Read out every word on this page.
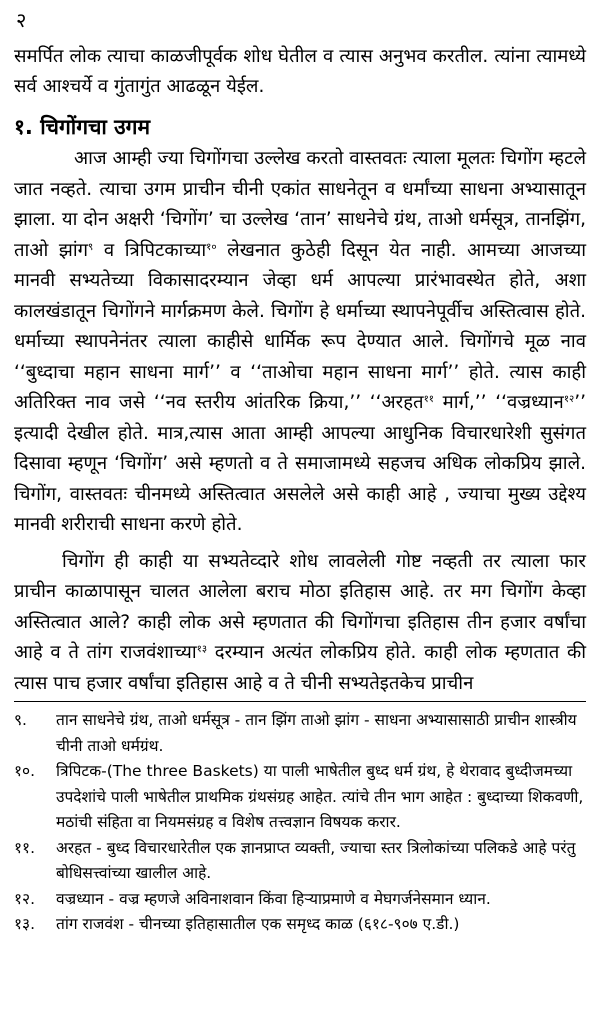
२

समर्पित लोक त्याचा काळजीपूर्वक शोध घेतील व त्यास अनुभव करतील. त्यांना त्यामध्ये सर्व आश्चर्ये व गुंतागुंत आढळून येईल.

१. चिगोंगचा उगम

आज आम्ही ज्या चिगोंगचा उल्लेख करतो वास्तवतः त्याला मूलतः चिगोंग म्हटले जात नव्हते. त्याचा उगम प्राचीन चीनी एकांत साधनेतून व धर्मांच्या साधना अभ्यासातून झाला. या दोन अक्षरी ‘चिगोंग’ चा उल्लेख ‘तान’ साधनेचे ग्रंथ, ताओ धर्मसूत्र, तानझिंग, ताओ झांग$^९$ व त्रिपिटकाच्या$^{१०}$ लेखनात कुठेही दिसून येत नाही. आमच्या आजच्या मानवी सभ्यतेच्या विकासादरम्यान जेव्हा धर्म आपल्या प्रारंभावस्थेत होते, अशा कालखंडातून चिगोंगने मार्गक्रमण केले. चिगोंग हे धर्माच्या स्थापनेपूर्वीच अस्तित्वास होते. धर्माच्या स्थापनेनंतर त्याला काहीसे धार्मिक रूप देण्यात आले. चिगोंगचे मूळ नाव ‘‘बुध्दाचा महान साधना मार्ग’’ व ‘‘ताओचा महान साधना मार्ग’’ होते. त्यास काही अतिरिक्त नाव जसे ‘‘नव स्तरीय आंतरिक क्रिया,’’ ‘‘अरहत$^{११}$ मार्ग,’’ ‘‘वज्रध्यान$^{१२}$’’ इत्यादी देखील होते. मात्र,त्यास आता आम्ही आपल्या आधुनिक विचारधारेशी सुसंगत दिसावा म्हणून ‘चिगोंग’ असे म्हणतो व ते समाजामध्ये सहजच अधिक लोकप्रिय झाले. चिगोंग, वास्तवतः चीनमध्ये अस्तित्वात असलेले असे काही आहे , ज्याचा मुख्य उद्देश्य मानवी शरीराची साधना करणे होते.

चिगोंग ही काही या सभ्यतेव्दारे शोध लावलेली गोष्ट नव्हती तर त्याला फार प्राचीन काळापासून चालत आलेला बराच मोठा इतिहास आहे. तर मग चिगोंग केव्हा अस्तित्वात आले? काही लोक असे म्हणतात की चिगोंगचा इतिहास तीन हजार वर्षांचा आहे व ते तांग राजवंशाच्या$^{१३}$ दरम्यान अत्यंत लोकप्रिय होते. काही लोक म्हणतात की त्यास पाच हजार वर्षांचा इतिहास आहे व ते चीनी सभ्यतेइतकेच प्राचीन

९.	तान साधनेचे ग्रंथ, ताओ धर्मसूत्र - तान झिंग ताओ झांग - साधना अभ्यासासाठी प्राचीन शास्त्रीय चीनी ताओ धर्मग्रंथ.
१०.	त्रिपिटक-(The three Baskets) या पाली भाषेतील बुध्द धर्म ग्रंथ, हे थेरावाद बुध्दीजमच्या उपदेशांचे पाली भाषेतील प्राथमिक ग्रंथसंग्रह आहेत. त्यांचे तीन भाग आहेत : बुध्दाच्या शिकवणी, मठांची संहिता वा नियमसंग्रह व विशेष तत्त्वज्ञान विषयक करार.
११.	अरहत - बुध्द विचारधारेतील एक ज्ञानप्राप्त व्यक्ती, ज्याचा स्तर त्रिलोकांच्या पलिकडे आहे परंतु बोधिसत्त्वांच्या खालील आहे.
१२.	वज्रध्यान - वज्र म्हणजे अविनाशवान किंवा हिऱ्याप्रमाणे व मेघगर्जनेसमान ध्यान.
१३.	तांग राजवंश - चीनच्या इतिहासातील एक समृध्द काळ (६१८-९०७ ए.डी.)
